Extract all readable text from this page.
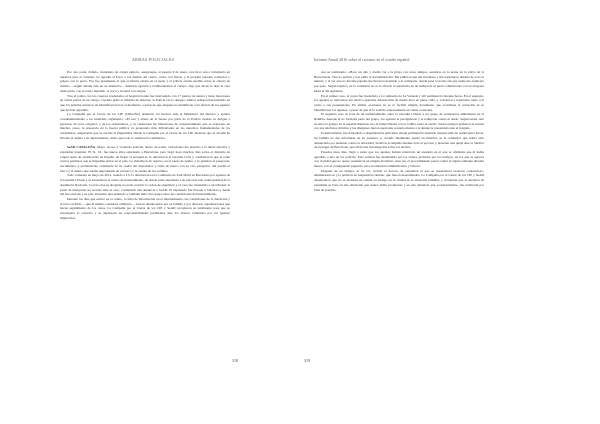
ARMAS POLICIALES

Por otro parte, Zebnio, ciudadano de origen egipcio, aseguraque, al pasado 9 de enero, tres tiros ven a trabajando en nuestros pies al consulor, no agredió el favor a los dueños del centro, como con fincas, y le propinó patadas, palizazos y golpes con la porra. Esa fue justamente el que el interés estaba en el suelo y el policía estaba encima sobre la cabeza de Zebnio —según detalla este en su denuncia— mientras agarrón y bombardeaban al cuerpo, algo que dicen le dejó la cara destrozada, con el rostro hundido, la boca y la nariz con sangre.

Tras el palizo, los los cuerpos trasladados al hospital donde fue intervenido con 17 puntos de sutura y tiene moretones en varias partes de su cuerpo. Cuando pidió el informe de lesiones, la Policía vio lo denegó. Ambos señoren han insistido en que los policías actuaron de identificación tras el momento, a pesar de que después no identifican a un dad tal de los agentes que les han agredido.

La Campaña por el Cierre de los CIE (CIEnoNo) denunció los hechos ante el Ministerio del Interior y apuntó contundentemente a un tremendo argumento: «El uso y abuso de la fuerza por parte de la Policía cuando se dirigen a personas de otros orígenes, y de los ordenadores, y se cuestionan las intenciones de comportamiento que se expresan, en muchos casos, la presencia de la fuerza pública va generando más dificultades en los derechos fundamentales de los ciudadanos, asegurando que se excede la impunidad. Desde la Campaña por el Cierre de los CIE destacan que el alcalde ha llevado el asunto a su departamento, dicho que todo lo siempre ha cambiado».

SeAD CATALUÑA. Mayo. Acoso y violencia policial, abuso de poder, violaciones del derecho a la tutela efectiva y expulsión irregular. El Sr. I.S. fue nueve años expulsado a Barcelona, pero llegó hace muchos días sobre el diploma de origen antes de establecerse en España. Al llegar al aeropuerto, le detuvieron la Guardia Civil y consideraron que el tenía ciertos permisos que le impedían entrar en el país. Lo mandaron de regreso, en el vuelo de vuelta, y le quitaron el pasaporte, documentos y pertenencias, solamente de su vuelta del deportados y entró de nuevo con su otro pasaporte, allí perdió el barco y el dinero que estaba depositando en el banco y la cuenta de los créditos.

Todo comenzó en mayo de 2012, cuando a I.S. lo detuvieron en la Comisaría de Sant Martí en Barcelona por agentes de la Guardia Urbana y le trasladaron al centro de internamiento, de donde salió expulsado a su país tras una orden judicial de la Audiencia Nacional. Con los dos su abogada no pudo recurrir la orden de expulsión y el caso fue trasladado a un tribunal. A pesar de interponer un recurso ante el caso, contándole una denuncia a SeAD. El expulsado fue llevado a Valencia y desde allí fue enviado a su país. Presentó una denuncia y también hubo una queja sobre las condiciones del internamiento.

Durante los días que estuvo en el centro, la falta de información en el internamiento, las condiciones de la detención y el trato recibido —que él mismo considera arbitrario— fueron denunciados por su familia y por diversas organizaciones que hacen seguimiento de los casos. La Campaña por el Cierre de los CIE y SeAD recogieron su testimonio para que se investigara lo ocurrido y se depurasen las responsabilidades pertinentes ante los abusos cometidos por los agentes implicados.

318
Informe Anual 2016 sobre el racismo en el estado español

Así su testimonio: «Hace un año y medio fui a la playa con unos amigos, sentados en la arena de la playa de la Barceloneta. Vino la policía y nos pidió la documentación. Me pidieron que me levantase y me registraron delante de todo el mundo, y al ver que no llevaba papeles me llevaron detenido a la comisaría, donde pasé la noche sin que nadie me explicara por qué». Según explicó, en la comisaría no se le ofreció la asistencia de un intérprete ni pudo comunicarse con su abogado hasta el día siguiente.

En el primer caso, el joven fue trasladado a la comisaría de La Verneda y allí permaneció durante horas. En el segundo, los agentes le retuvieron sin motivo aparente durante más de media hora en plena calle, y volvieron a registrarle tanto a él como a sus pertenencias. En ambas ocasiones no se le facilitó ningún documento que acreditase la actuación ni se identificaron los agentes, a pesar de que él lo solicitó expresamente en varias ocasiones.

El segundo caso se trata de un enfrentamiento entre la Guardia Urbana y un grupo de vendedores ambulantes en la Rambla. Aunque él no formaba parte del grupo, los agentes le persiguieron y le redujeron contra el suelo. Según relata, uno de ellos le golpeó en la espalda mientras otro le inmovilizaba con la rodilla sobre el cuello. Varios testigos grabaron la escena con sus teléfonos móviles y las imágenes fueron aportadas posteriormente a la denuncia presentada ante el juzgado.

Posteriormente, fue trasladado a dependencias policiales donde permaneció detenido durante más de veinticuatro horas. Su familia no fue informada de su paradero y, cuando finalmente quedó en libertad, se le comunicó que había sido denunciado por atentado contra la autoridad. SeAD le acompañó durante todo el proceso y presentó una queja ante la Síndica de Greuges de Barcelona, que abrió una investigación sobre los hechos.

Pasados unos días, llegó a saber que los agentes habían redactado un atestado en el que se afirmaba que él había agredido a uno de los policías. Esta versión fue desmentida por los vídeos grabados por los testigos, en los que se aprecia con claridad que no opuso resistencia en ningún momento. Aun así, el procedimiento penal contra él siguió adelante durante meses, con el consiguiente perjuicio para su situación administrativa y laboral.

Después de un tiempo, el Sr. I.S. recibió el decreto de expulsión al que se presentaron recursos contencioso-administrativos y la petición de suspensión cautelar, que fueron desestimados. La Campaña por el Cierre de los CIE y SeAD denunciaron que no se tuvieran en cuenta su arraigo en la ciudad ni su situación familiar, y recuerdan que la decisión de expulsión se basa en una detención que nunca debió producirse y en una denuncia que, posteriormente, fue archivada por falta de pruebas.

319
